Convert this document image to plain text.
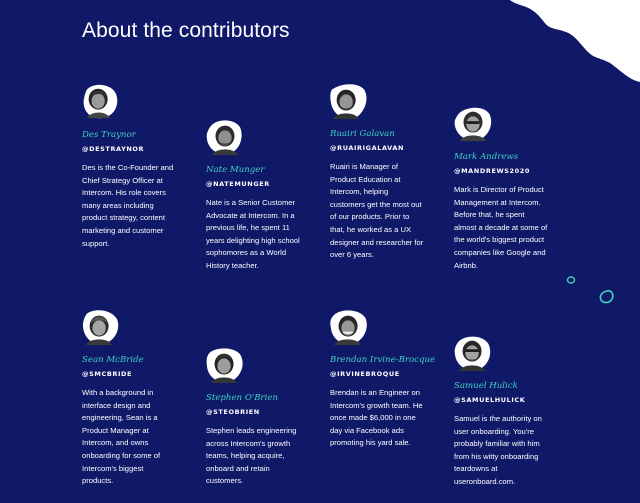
About the contributors
Des Traynor
@DESTRAYNOR
Des is the Co-Founder and
Chief Strategy Officer at
Intercom. His role covers
many areas including
product strategy, content
marketing and customer
support.
Nate Munger
@NATEMUNGER
Nate is a Senior Customer
Advocate at Intercom. In a
previous life, he spent 11
years delighting high school
sophomores as a World
History teacher.
Ruairi Galavan
@RUAIRIGALAVAN
Ruairi is Manager of
Product Education at
Intercom, helping
customers get the most out
of our products. Prior to
that, he worked as a UX
designer and researcher for
over 6 years.
Mark Andrews
@MANDREWS2020
Mark is Director of Product
Management at Intercom.
Before that, he spent
almost a decade at some of
the world's biggest product
companies like Google and
Airbnb.
Sean McBride
@SMCBRIDE
With a background in
interface design and
engineering, Sean is a
Product Manager at
Intercom, and owns
onboarding for some of
Intercom's biggest
products.
Stephen O'Brien
@STEOBRIEN
Stephen leads engineering
across Intercom's growth
teams, helping acquire,
onboard and retain
customers.
Brendan Irvine-Brocque
@IRVINEBROQUE
Brendan is an Engineer on
Intercom's growth team. He
once made $6,000 in one
day via Facebook ads
promoting his yard sale.
Samuel Hulick
@SAMUELHULICK
Samuel is the authority on
user onboarding. You're
probably familiar with him
from his witty onboarding
teardowns at
useronboard.com.
